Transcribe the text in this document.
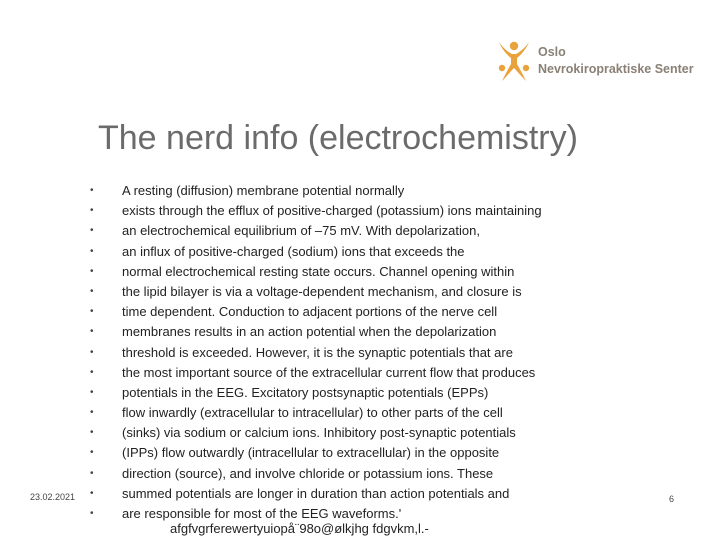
Oslo
Nevrokiropraktiske Senter
The nerd info (electrochemistry)
• A resting (diffusion) membrane potential normally
• exists through the efflux of positive-charged (potassium) ions maintaining
• an electrochemical equilibrium of –75 mV. With depolarization,
• an influx of positive-charged (sodium) ions that exceeds the
• normal electrochemical resting state occurs. Channel opening within
• the lipid bilayer is via a voltage-dependent mechanism, and closure is
• time dependent. Conduction to adjacent portions of the nerve cell
• membranes results in an action potential when the depolarization
• threshold is exceeded. However, it is the synaptic potentials that are
• the most important source of the extracellular current flow that produces
• potentials in the EEG. Excitatory postsynaptic potentials (EPPs)
• flow inwardly (extracellular to intracellular) to other parts of the cell
• (sinks) via sodium or calcium ions. Inhibitory post-synaptic potentials
• (IPPs) flow outwardly (intracellular to extracellular) in the opposite
• direction (source), and involve chloride or potassium ions. These
• summed potentials are longer in duration than action potentials and
• are responsible for most of the EEG waveforms.'
afgfvgrferewertyuiopå¨98o@ølkjhg fdgvkm,l.-
23.02.2021	6
